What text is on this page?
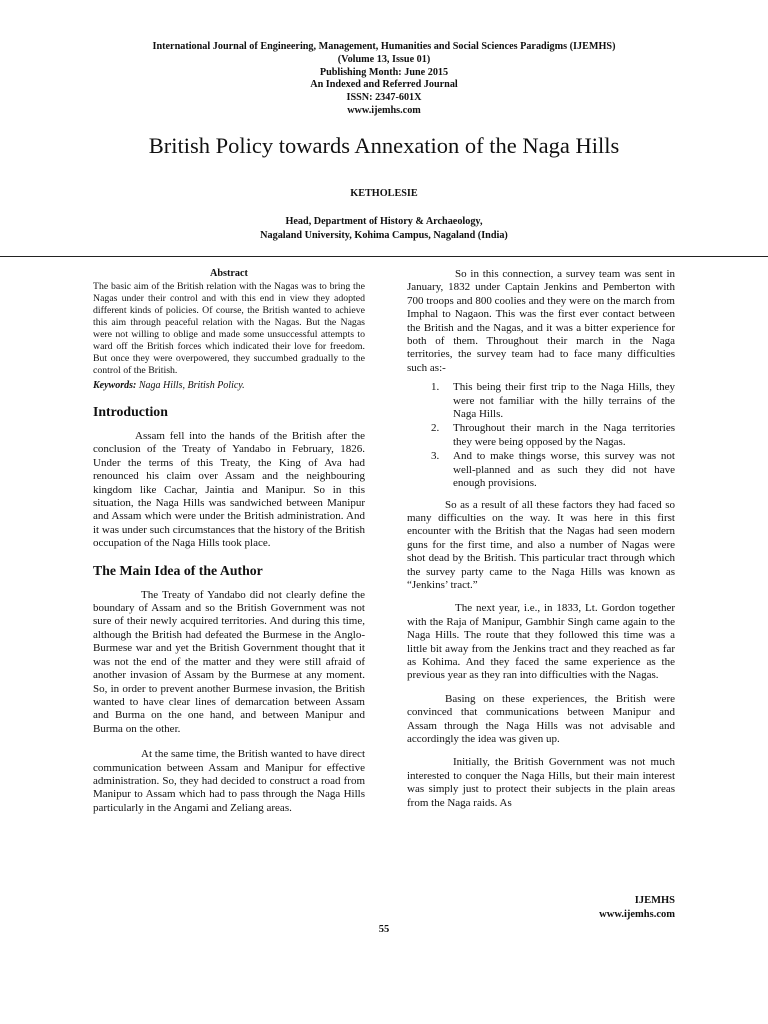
International Journal of Engineering, Management, Humanities and Social Sciences Paradigms (IJEMHS)
(Volume 13, Issue 01)
Publishing Month: June 2015
An Indexed and Referred Journal
ISSN: 2347-601X
www.ijemhs.com
British Policy towards Annexation of the Naga Hills
KETHOLESIE
Head, Department of History & Archaeology,
Nagaland University, Kohima Campus, Nagaland (India)
Abstract

The basic aim of the British relation with the Nagas was to bring the Nagas under their control and with this end in view they adopted different kinds of policies. Of course, the British wanted to achieve this aim through peaceful relation with the Nagas. But the Nagas were not willing to oblige and made some unsuccessful attempts to ward off the British forces which indicated their love for freedom. But once they were overpowered, they succumbed gradually to the control of the British.

Keywords: Naga Hills, British Policy.

Introduction

Assam fell into the hands of the British after the conclusion of the Treaty of Yandabo in February, 1826. Under the terms of this Treaty, the King of Ava had renounced his claim over Assam and the neighbouring kingdom like Cachar, Jaintia and Manipur. So in this situation, the Naga Hills was sandwiched between Manipur and Assam which were under the British administration. And it was under such circumstances that the history of the British occupation of the Naga Hills took place.

The Main Idea of the Author

The Treaty of Yandabo did not clearly define the boundary of Assam and so the British Government was not sure of their newly acquired territories. And during this time, although the British had defeated the Burmese in the Anglo-Burmese war and yet the British Government thought that it was not the end of the matter and they were still afraid of another invasion of Assam by the Burmese at any moment. So, in order to prevent another Burmese invasion, the British wanted to have clear lines of demarcation between Assam and Burma on the one hand, and between Manipur and Burma on the other.

At the same time, the British wanted to have direct communication between Assam and Manipur for effective administration. So, they had decided to construct a road from Manipur to Assam which had to pass through the Naga Hills particularly in the Angami and Zeliang areas.

So in this connection, a survey team was sent in January, 1832 under Captain Jenkins and Pemberton with 700 troops and 800 coolies and they were on the march from Imphal to Nagaon. This was the first ever contact between the British and the Nagas, and it was a bitter experience for both of them. Throughout their march in the Naga territories, the survey team had to face many difficulties such as:-

1. This being their first trip to the Naga Hills, they were not familiar with the hilly terrains of the Naga Hills.
2. Throughout their march in the Naga territories they were being opposed by the Nagas.
3. And to make things worse, this survey was not well-planned and as such they did not have enough provisions.

So as a result of all these factors they had faced so many difficulties on the way. It was here in this first encounter with the British that the Nagas had seen modern guns for the first time, and also a number of Nagas were shot dead by the British. This particular tract through which the survey party came to the Naga Hills was known as “Jenkins’ tract.”

The next year, i.e., in 1833, Lt. Gordon together with the Raja of Manipur, Gambhir Singh came again to the Naga Hills. The route that they followed this time was a little bit away from the Jenkins tract and they reached as far as Kohima. And they faced the same experience as the previous year as they ran into difficulties with the Nagas.

Basing on these experiences, the British were convinced that communications between Manipur and Assam through the Naga Hills was not advisable and accordingly the idea was given up.

Initially, the British Government was not much interested to conquer the Naga Hills, but their main interest was simply just to protect their subjects in the plain areas from the Naga raids. As

IJEMHS
www.ijemhs.com
55
